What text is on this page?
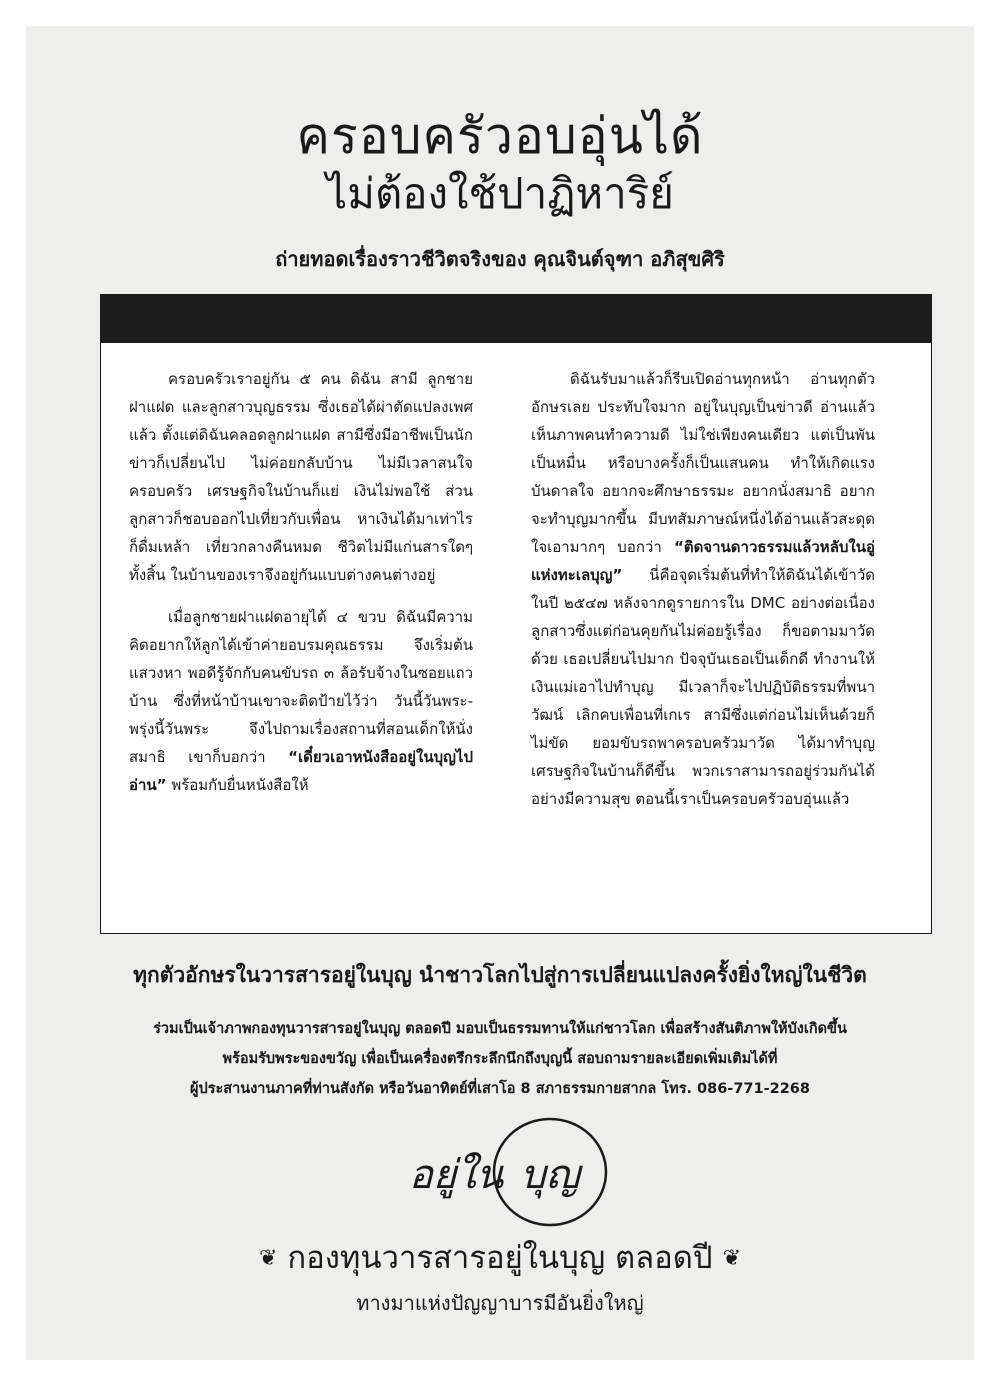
ครอบครัวอบอุ่นได้
ไม่ต้องใช้ปาฏิหาริย์
ถ่ายทอดเรื่องราวชีวิตจริงของ คุณจินต์จุฑา อภิสุขศิริ

ครอบครัวเราอยู่กัน ๕ คน ดิฉัน สามี ลูกชายฝาแฝด และลูกสาวบุญธรรม ซึ่งเธอได้ผ่าตัดแปลงเพศแล้ว ตั้งแต่ดิฉันคลอดลูกฝาแฝด สามีซึ่งมีอาชีพเป็นนักข่าวก็เปลี่ยนไป ไม่ค่อยกลับบ้าน ไม่มีเวลาสนใจครอบครัว เศรษฐกิจในบ้านก็แย่ เงินไม่พอใช้ ส่วนลูกสาวก็ชอบออกไปเที่ยวกับเพื่อน หาเงินได้มาเท่าไร ก็ดื่มเหล้า เที่ยวกลางคืนหมด ชีวิตไม่มีแก่นสารใดๆ ทั้งสิ้น ในบ้านของเราจึงอยู่กันแบบต่างคนต่างอยู่

เมื่อลูกชายฝาแฝดอายุได้ ๔ ขวบ ดิฉันมีความคิดอยากให้ลูกได้เข้าค่ายอบรมคุณธรรม จึงเริ่มต้นแสวงหา พอดีรู้จักกับคนขับรถ ๓ ล้อรับจ้างในซอยแถวบ้าน ซึ่งที่หน้าบ้านเขาจะติดป้ายไว้ว่า วันนี้วันพระ-พรุ่งนี้วันพระ จึงไปถามเรื่องสถานที่สอนเด็กให้นั่งสมาธิ เขาก็บอกว่า “เดี๋ยวเอาหนังสืออยู่ในบุญไปอ่าน” พร้อมกับยื่นหนังสือให้

ดิฉันรับมาแล้วก็รีบเปิดอ่านทุกหน้า อ่านทุกตัวอักษรเลย ประทับใจมาก อยู่ในบุญเป็นข่าวดี อ่านแล้วเห็นภาพคนทำความดี ไม่ใช่เพียงคนเดียว แต่เป็นพัน เป็นหมื่น หรือบางครั้งก็เป็นแสนคน ทำให้เกิดแรงบันดาลใจ อยากจะศึกษาธรรมะ อยากนั่งสมาธิ อยากจะทำบุญมากขึ้น มีบทสัมภาษณ์หนึ่งได้อ่านแล้วสะดุดใจเอามากๆ บอกว่า “ติดจานดาวธรรมแล้วหลับในอู่แห่งทะเลบุญ” นี่คือจุดเริ่มต้นที่ทำให้ดิฉันได้เข้าวัด ในปี ๒๕๔๗ หลังจากดูรายการใน DMC อย่างต่อเนื่อง ลูกสาวซึ่งแต่ก่อนคุยกันไม่ค่อยรู้เรื่อง ก็ขอตามมาวัดด้วย เธอเปลี่ยนไปมาก ปัจจุบันเธอเป็นเด็กดี ทำงานให้เงินแม่เอาไปทำบุญ มีเวลาก็จะไปปฏิบัติธรรมที่พนาวัฒน์ เลิกคบเพื่อนที่เกเร สามีซึ่งแต่ก่อนไม่เห็นด้วยก็ไม่ขัด ยอมขับรถพาครอบครัวมาวัด ได้มาทำบุญ เศรษฐกิจในบ้านก็ดีขึ้น พวกเราสามารถอยู่ร่วมกันได้อย่างมีความสุข ตอนนี้เราเป็นครอบครัวอบอุ่นแล้ว

ทุกตัวอักษรในวารสารอยู่ในบุญ นำชาวโลกไปสู่การเปลี่ยนแปลงครั้งยิ่งใหญ่ในชีวิต
ร่วมเป็นเจ้าภาพกองทุนวารสารอยู่ในบุญ ตลอดปี มอบเป็นธรรมทานให้แก่ชาวโลก เพื่อสร้างสันติภาพให้บังเกิดขึ้น
พร้อมรับพระของขวัญ เพื่อเป็นเครื่องตรึกระลึกนึกถึงบุญนี้ สอบถามรายละเอียดเพิ่มเติมได้ที่
ผู้ประสานงานภาคที่ท่านสังกัด หรือวันอาทิตย์ที่เสาโอ 8 สภาธรรมกายสากล โทร. 086-771-2268
อยู่ใน บุญ
❦ กองทุนวารสารอยู่ในบุญ ตลอดปี ❦
ทางมาแห่งปัญญาบารมีอันยิ่งใหญ่
